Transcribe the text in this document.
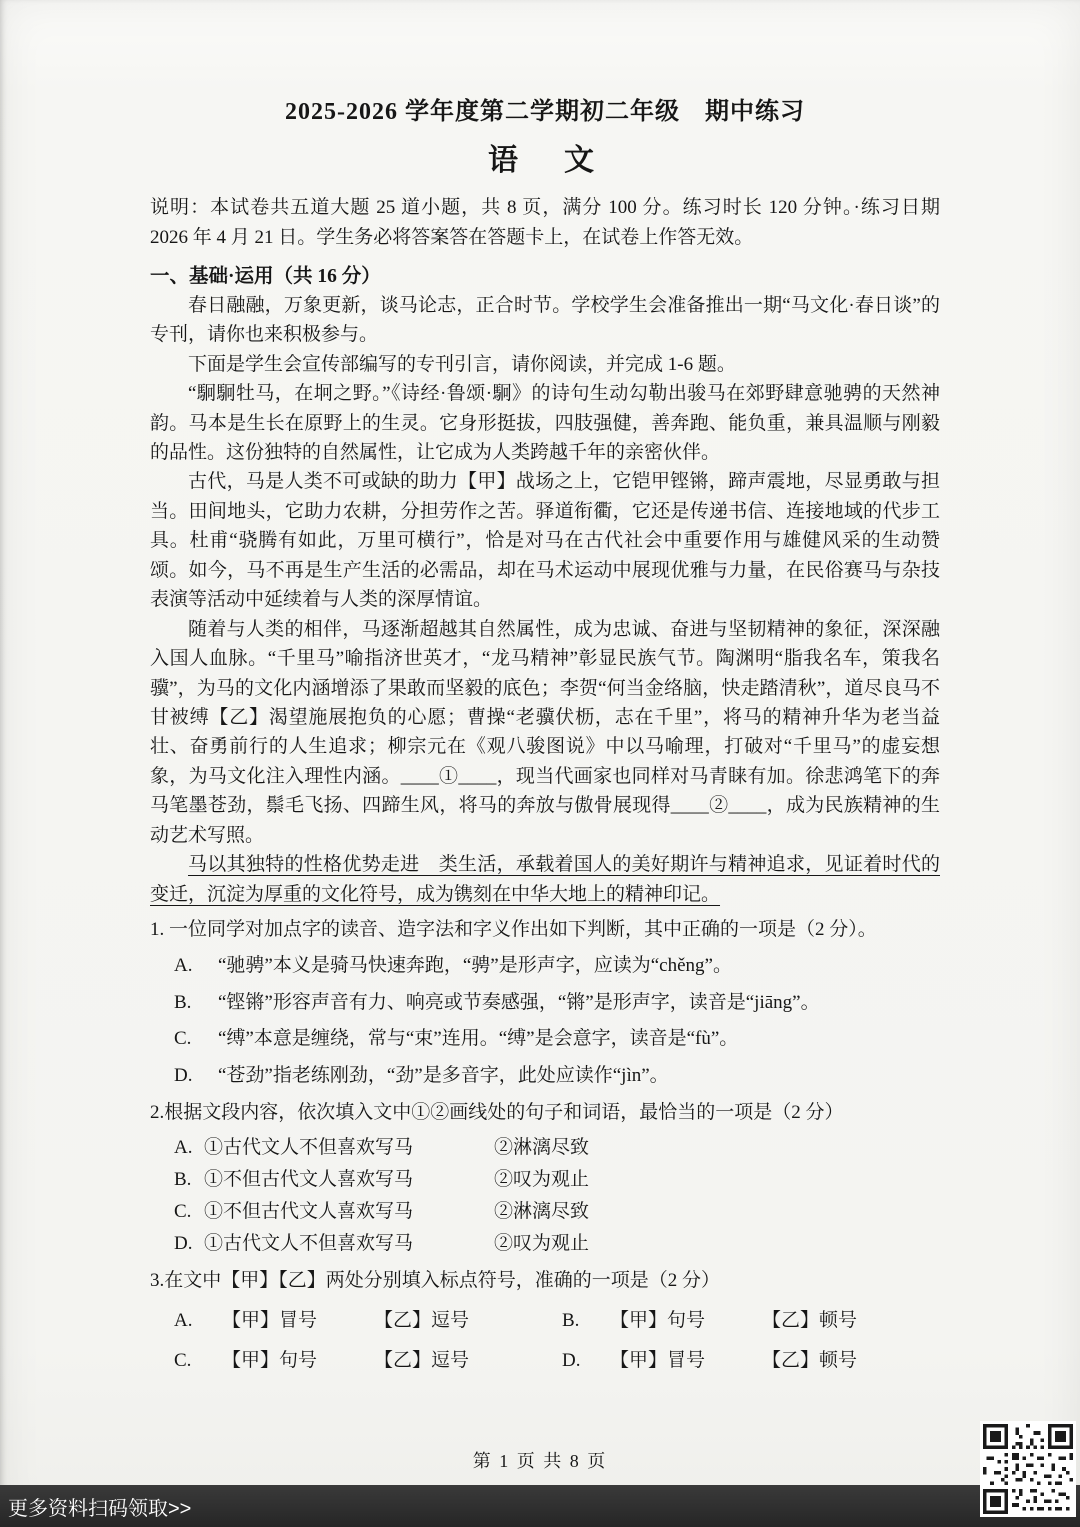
2025-2026 学年度第二学期初二年级　期中练习
语　文

说明：本试卷共五道大题 25 道小题，共 8 页，满分 100 分。练习时长 120 分钟。·练习日期 2026 年 4 月 21 日。学生务必将答案答在答题卡上，在试卷上作答无效。

一、基础·运用（共 16 分）

春日融融，万象更新，谈马论志，正合时节。学校学生会准备推出一期“马文化·春日谈”的专刊，请你也来积极参与。

下面是学生会宣传部编写的专刊引言，请你阅读，并完成 1-6 题。

“駉駉牡马，在坰之野。”《诗经·鲁颂·駉》的诗句生动勾勒出骏马在郊野肆意驰骋的天然神韵。马本是生长在原野上的生灵。它身形挺拔，四肢强健，善奔跑、能负重，兼具温顺与刚毅的品性。这份独特的自然属性，让它成为人类跨越千年的亲密伙伴。

古代，马是人类不可或缺的助力【甲】战场之上，它铠甲铿锵，蹄声震地，尽显勇敢与担当。田间地头，它助力农耕，分担劳作之苦。驿道衔衢，它还是传递书信、连接地域的代步工具。杜甫“骁腾有如此，万里可横行”，恰是对马在古代社会中重要作用与雄健风采的生动赞颂。如今，马不再是生产生活的必需品，却在马术运动中展现优雅与力量，在民俗赛马与杂技表演等活动中延续着与人类的深厚情谊。

随着与人类的相伴，马逐渐超越其自然属性，成为忠诚、奋进与坚韧精神的象征，深深融入国人血脉。“千里马”喻指济世英才，“龙马精神”彰显民族气节。陶渊明“脂我名车，策我名骥”，为马的文化内涵增添了果敢而坚毅的底色；李贺“何当金络脑，快走踏清秋”，道尽良马不甘被缚【乙】渴望施展抱负的心愿；曹操“老骥伏枥，志在千里”，将马的精神升华为老当益壮、奋勇前行的人生追求；柳宗元在《观八骏图说》中以马喻理，打破对“千里马”的虚妄想象，为马文化注入理性内涵。____①____，现当代画家也同样对马青睐有加。徐悲鸿笔下的奔马笔墨苍劲，鬃毛飞扬、四蹄生风，将马的奔放与傲骨展现得____②____，成为民族精神的生动艺术写照。

马以其独特的性格优势走进　类生活，承载着国人的美好期许与精神追求，见证着时代的变迁，沉淀为厚重的文化符号，成为镌刻在中华大地上的精神印记。

1. 一位同学对加点字的读音、造字法和字义作出如下判断，其中正确的一项是（2 分）。

A.	“驰骋”本义是骑马快速奔跑，“骋”是形声字，应读为“chěng”。
B.	“铿锵”形容声音有力、响亮或节奏感强，“锵”是形声字，读音是“jiāng”。
C.	“缚”本意是缠绕，常与“束”连用。“缚”是会意字，读音是“fù”。
D.	“苍劲”指老练刚劲，“劲”是多音字，此处应读作“jìn”。

2.根据文段内容，依次填入文中①②画线处的句子和词语，最恰当的一项是（2 分）

A. ①古代文人不但喜欢写马	②淋漓尽致
B. ①不但古代文人喜欢写马	②叹为观止
C. ①不但古代文人喜欢写马	②淋漓尽致
D. ①古代文人不但喜欢写马	②叹为观止

3.在文中【甲】【乙】两处分别填入标点符号，准确的一项是（2 分）

A.	【甲】冒号	【乙】逗号	B.	【甲】句号	【乙】顿号
C.	【甲】句号	【乙】逗号	D.	【甲】冒号	【乙】顿号

第 1 页 共 8 页

更多资料扫码领取>>
